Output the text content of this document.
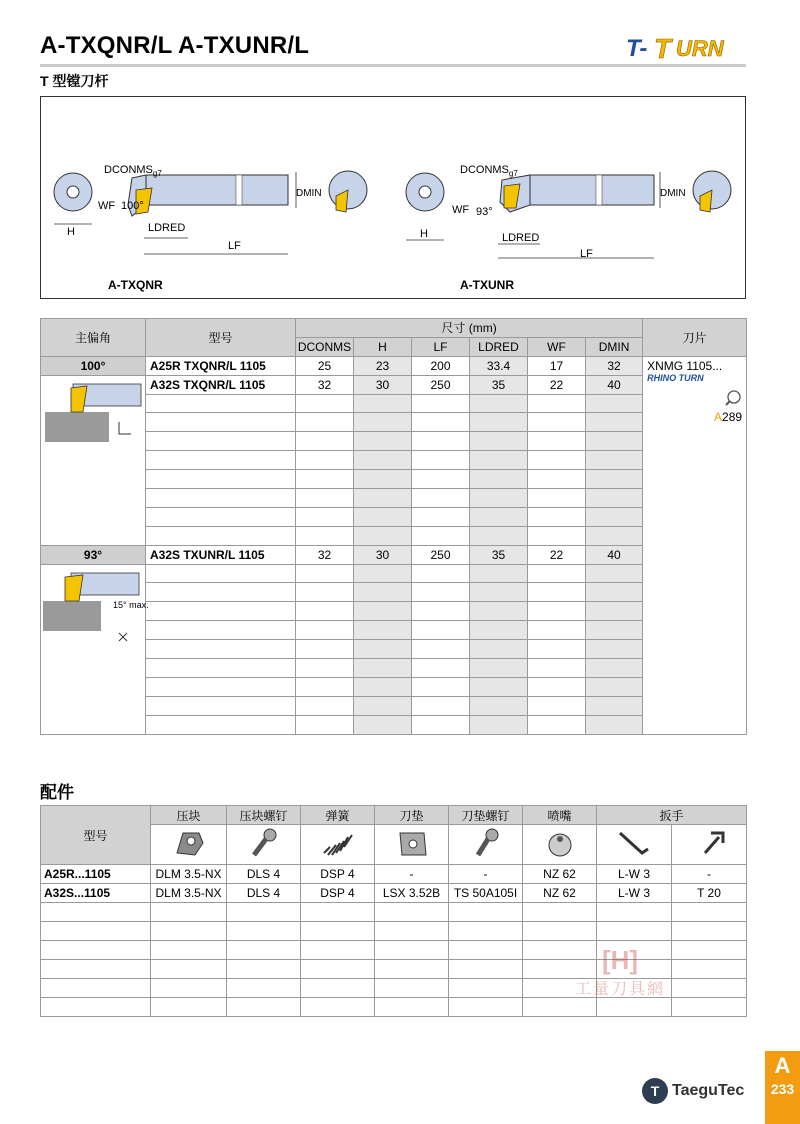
A-TXQNR/L A-TXUNR/L
T 型镗刀杆
T- T URN
$DCONMS_{g7}$
WF 100°
H	LDRED
LF
DMIN
A-TXQNR
$DCONMS_{g7}$
WF 93°
H	LDRED
LF
DMIN
A-TXUNR
主偏角	型号	尺寸 (mm)						刀片
		DCONMS	H	LF	LDRED	WF	DMIN	
100°	A25R TXQNR/L 1105	25	23	200	33.4	17	32	XNMG 1105...
RHINO TURN
A289

	A32S TXQNR/L 1105	32	30	250	35	22	40	

93°	A32S TXUNR/L 1105	32	30	250	35	22	40	

15° max.								

配件
型号	压块	压块螺钉	弹簧	刀垫	刀垫螺钉	喷嘴	扳手	

A25R...1105	DLM 3.5-NX	DLS 4	DSP 4	-	-	NZ 62	L-W 3	-
A32S...1105	DLM 3.5-NX	DLS 4	DSP 4	LSX 3.52B	TS 50A105I	NZ 62	L-W 3	T 20

[H]
工量刀具網
T TaeguTec
A
233
